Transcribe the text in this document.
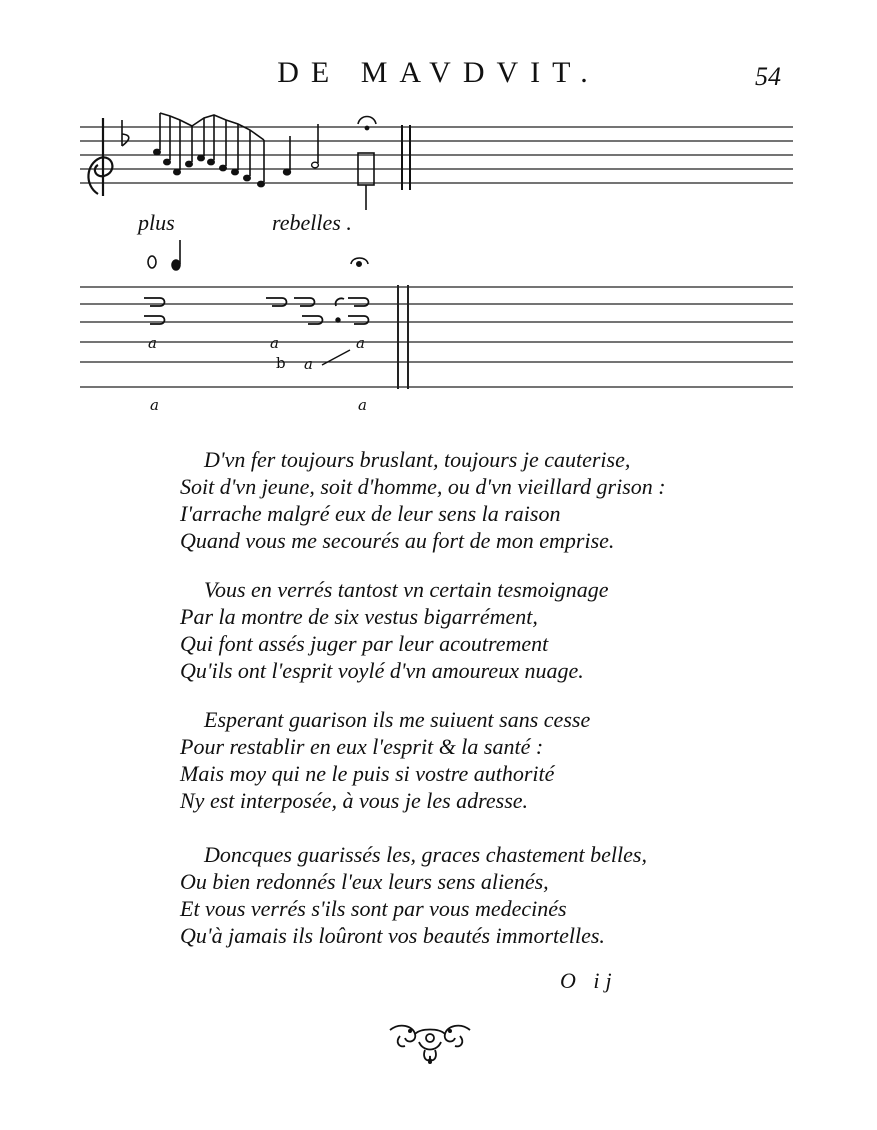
DE MAVDVIT.	54
a	a	a
b a
a	a
plus	rebelles .
D'vn fer toujours bruslant, toujours je cauterise,
Soit d'vn jeune, soit d'homme, ou d'vn vieillard grison :
I'arrache malgré eux de leur sens la raison
Quand vous me secourés au fort de mon emprise.
Vous en verrés tantost vn certain tesmoignage
Par la montre de six vestus bigarrément,
Qui font assés juger par leur acoutrement
Qu'ils ont l'esprit voylé d'vn amoureux nuage.
Esperant guarison ils me suiuent sans cesse
Pour restablir en eux l'esprit & la santé :
Mais moy qui ne le puis si vostre authorité
Ny est interposée, à vous je les adresse.
Doncques guarissés les, graces chastement belles,
Ou bien redonnés l'eux leurs sens alienés,
Et vous verrés s'ils sont par vous medecinés
Qu'à jamais ils loûront vos beautés immortelles.
O ij
